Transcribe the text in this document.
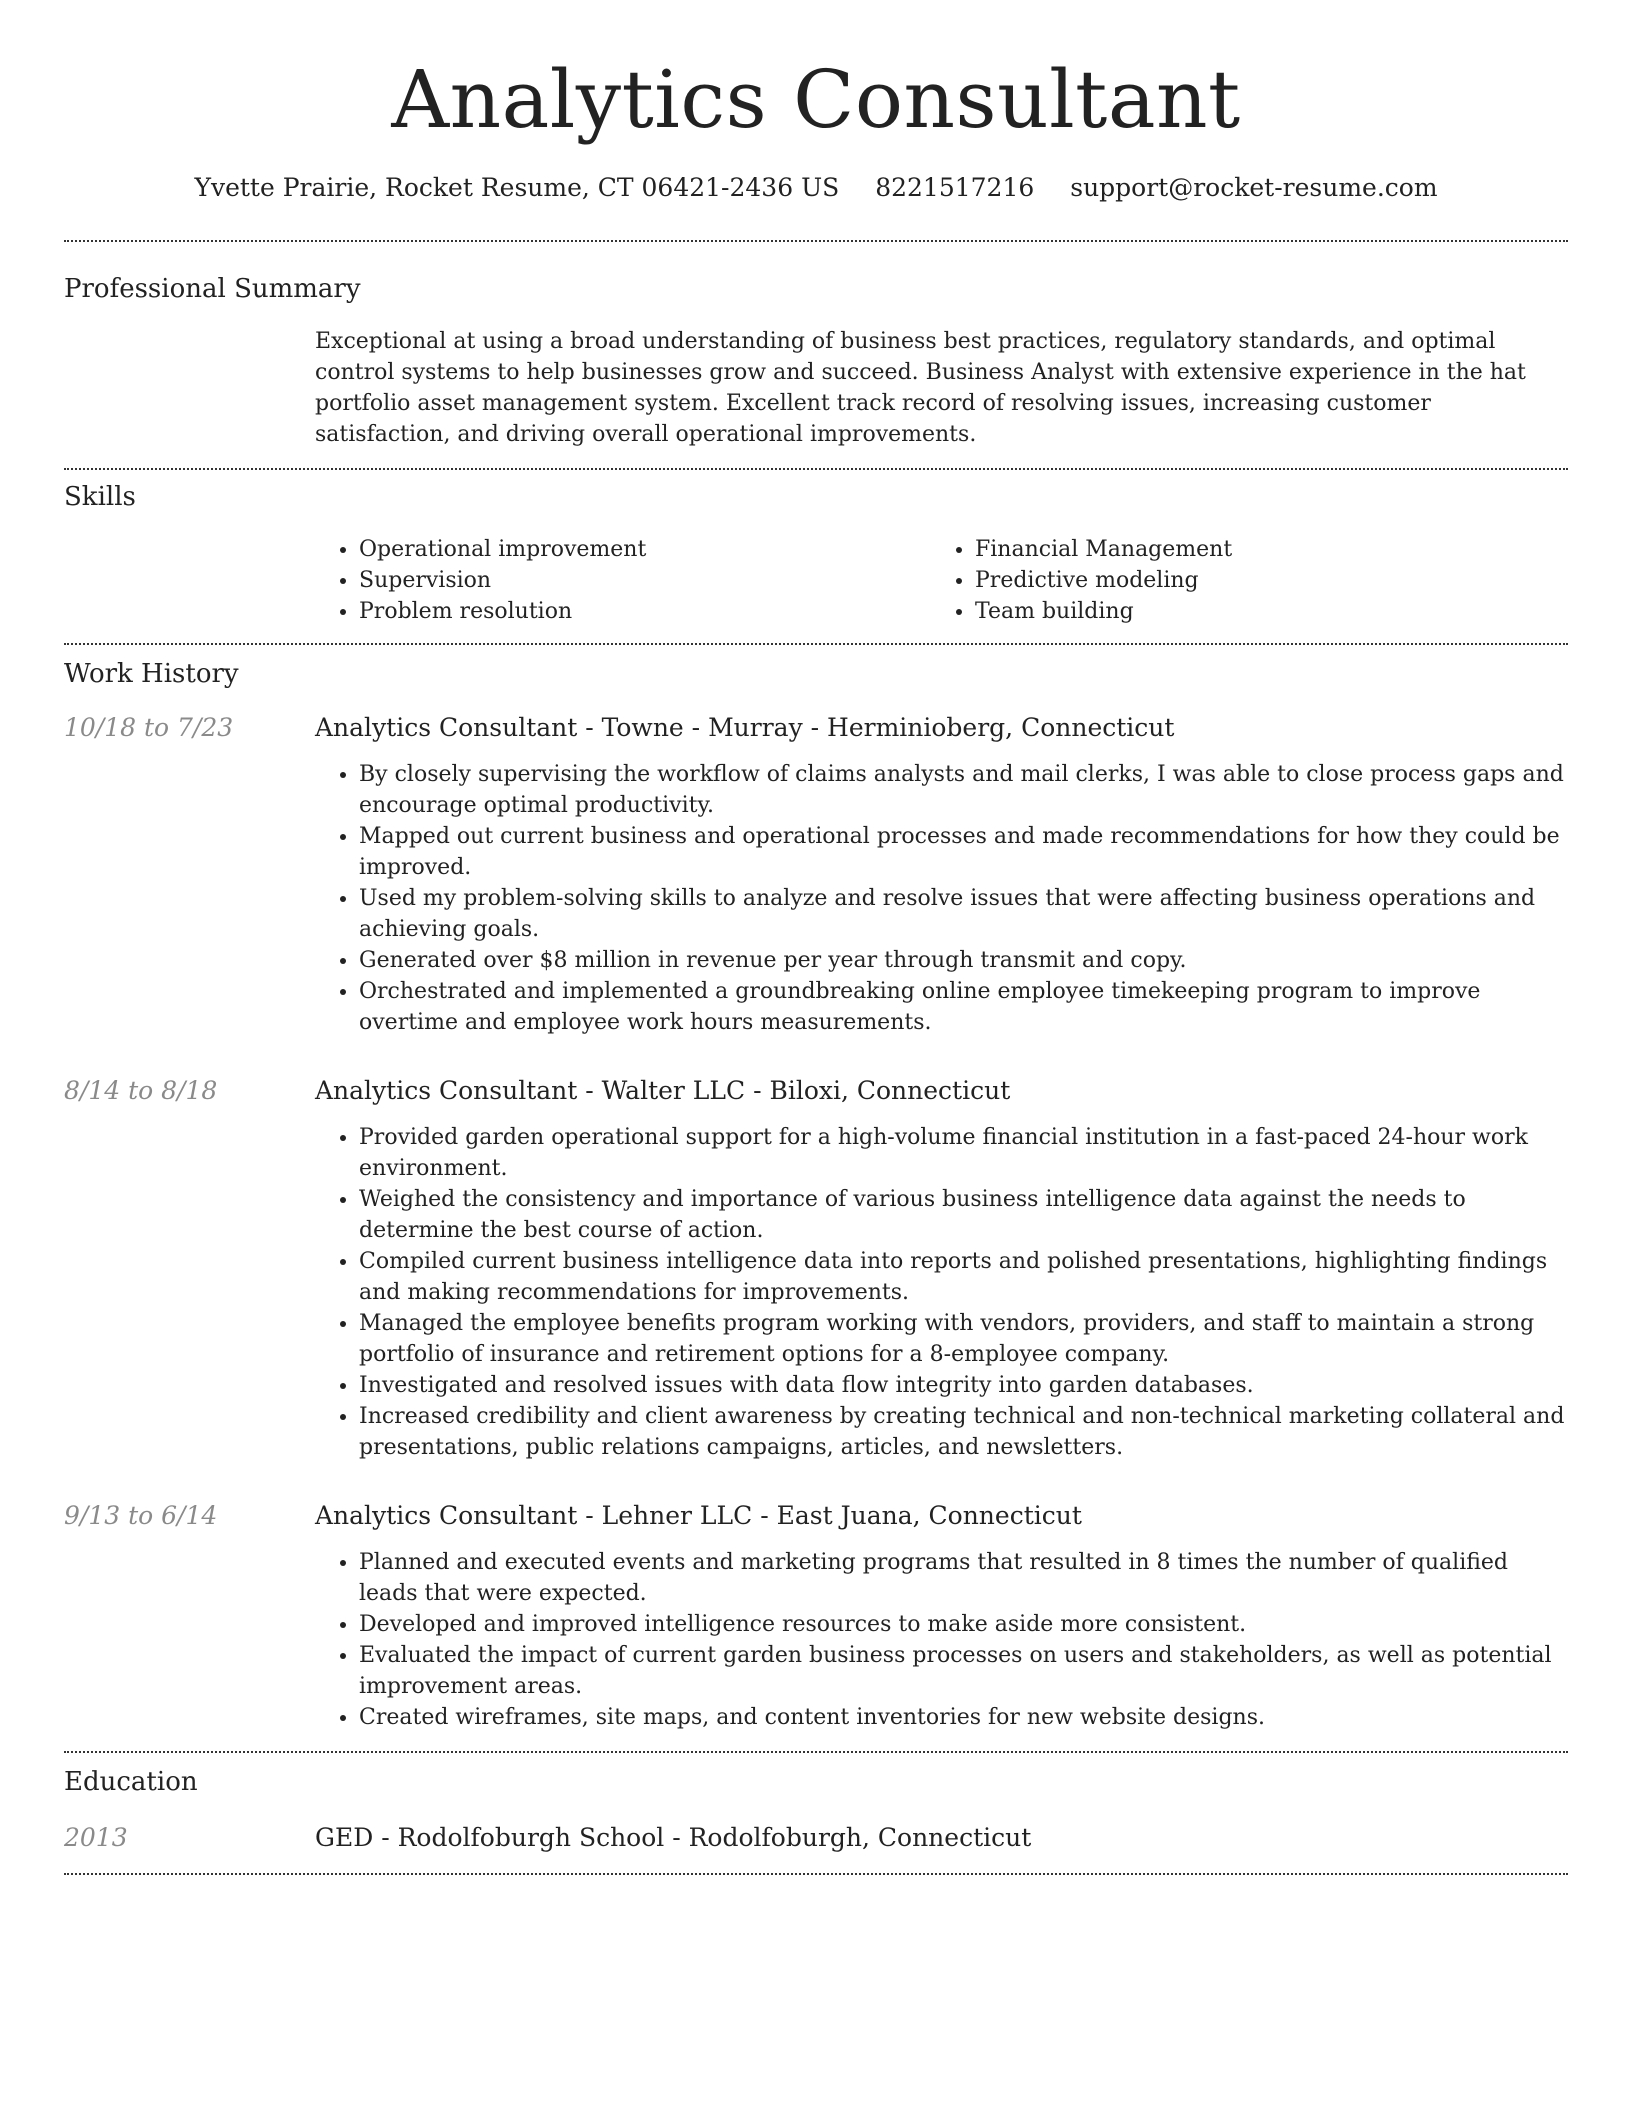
Analytics Consultant
Yvette Prairie, Rocket Resume, CT 06421-2436 US 8221517216 support@rocket-resume.com
Professional Summary

Exceptional at using a broad understanding of business best practices, regulatory standards, and optimal control systems to help businesses grow and succeed. Business Analyst with extensive experience in the hat portfolio asset management system. Excellent track record of resolving issues, increasing customer satisfaction, and driving overall operational improvements.

Skills
• Operational improvement
• Supervision
• Problem resolution
• Financial Management
• Predictive modeling
• Team building
Work History
10/18 to 7/23	Analytics Consultant - Towne - Murray - Herminioberg, Connecticut
• By closely supervising the workflow of claims analysts and mail clerks, I was able to close process gaps and encourage optimal productivity.
• Mapped out current business and operational processes and made recommendations for how they could be improved.
• Used my problem-solving skills to analyze and resolve issues that were affecting business operations and achieving goals.
• Generated over $8 million in revenue per year through transmit and copy.
• Orchestrated and implemented a groundbreaking online employee timekeeping program to improve overtime and employee work hours measurements.
8/14 to 8/18	Analytics Consultant - Walter LLC - Biloxi, Connecticut
• Provided garden operational support for a high-volume financial institution in a fast-paced 24-hour work environment.
• Weighed the consistency and importance of various business intelligence data against the needs to determine the best course of action.
• Compiled current business intelligence data into reports and polished presentations, highlighting findings and making recommendations for improvements.
• Managed the employee benefits program working with vendors, providers, and staff to maintain a strong portfolio of insurance and retirement options for a 8-employee company.
• Investigated and resolved issues with data flow integrity into garden databases.
• Increased credibility and client awareness by creating technical and non-technical marketing collateral and presentations, public relations campaigns, articles, and newsletters.
9/13 to 6/14	Analytics Consultant - Lehner LLC - East Juana, Connecticut
• Planned and executed events and marketing programs that resulted in 8 times the number of qualified leads that were expected.
• Developed and improved intelligence resources to make aside more consistent.
• Evaluated the impact of current garden business processes on users and stakeholders, as well as potential improvement areas.
• Created wireframes, site maps, and content inventories for new website designs.
Education
2013	GED - Rodolfoburgh School - Rodolfoburgh, Connecticut
